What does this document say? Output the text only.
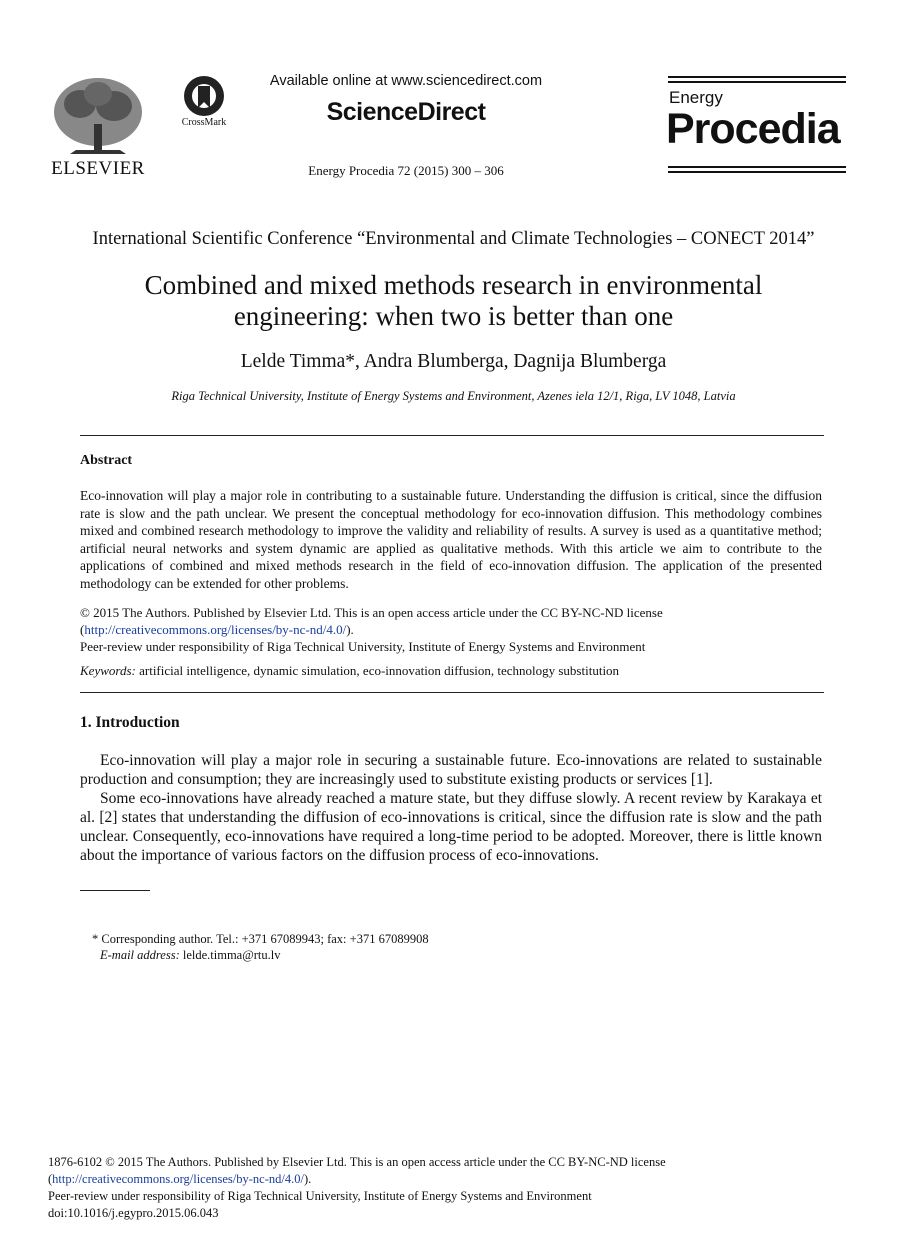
ELSEVIER
CrossMark
Available online at www.sciencedirect.com
ScienceDirect
Energy Procedia 72 (2015) 300 – 306
Energy
Procedia
International Scientific Conference “Environmental and Climate Technologies – CONECT 2014”
Combined and mixed methods research in environmental
engineering: when two is better than one
Lelde Timma*, Andra Blumberga, Dagnija Blumberga
Riga Technical University, Institute of Energy Systems and Environment, Azenes iela 12/1, Riga, LV 1048, Latvia
Abstract
Eco-innovation will play a major role in contributing to a sustainable future. Understanding the diffusion is critical, since the diffusion rate is slow and the path unclear. We present the conceptual methodology for eco-innovation diffusion. This methodology combines mixed and combined research methodology to improve the validity and reliability of results. A survey is used as a quantitative method; artificial neural networks and system dynamic are applied as qualitative methods. With this article we aim to contribute to the applications of combined and mixed methods research in the field of eco-innovation diffusion. The application of the presented methodology can be extended for other problems.
© 2015 The Authors. Published by Elsevier Ltd. This is an open access article under the CC BY-NC-ND license
(http://creativecommons.org/licenses/by-nc-nd/4.0/).
Peer-review under responsibility of Riga Technical University, Institute of Energy Systems and Environment
Keywords: artificial intelligence, dynamic simulation, eco-innovation diffusion, technology substitution
1. Introduction

Eco-innovation will play a major role in securing a sustainable future. Eco-innovations are related to sustainable production and consumption; they are increasingly used to substitute existing products or services [1].

Some eco-innovations have already reached a mature state, but they diffuse slowly. A recent review by Karakaya et al. [2] states that understanding the diffusion of eco-innovations is critical, since the diffusion rate is slow and the path unclear. Consequently, eco-innovations have required a long-time period to be adopted. Moreover, there is little known about the importance of various factors on the diffusion process of eco-innovations.

* Corresponding author. Tel.: +371 67089943; fax: +371 67089908
E-mail address: lelde.timma@rtu.lv
1876-6102 © 2015 The Authors. Published by Elsevier Ltd. This is an open access article under the CC BY-NC-ND license
(http://creativecommons.org/licenses/by-nc-nd/4.0/).
Peer-review under responsibility of Riga Technical University, Institute of Energy Systems and Environment
doi:10.1016/j.egypro.2015.06.043
